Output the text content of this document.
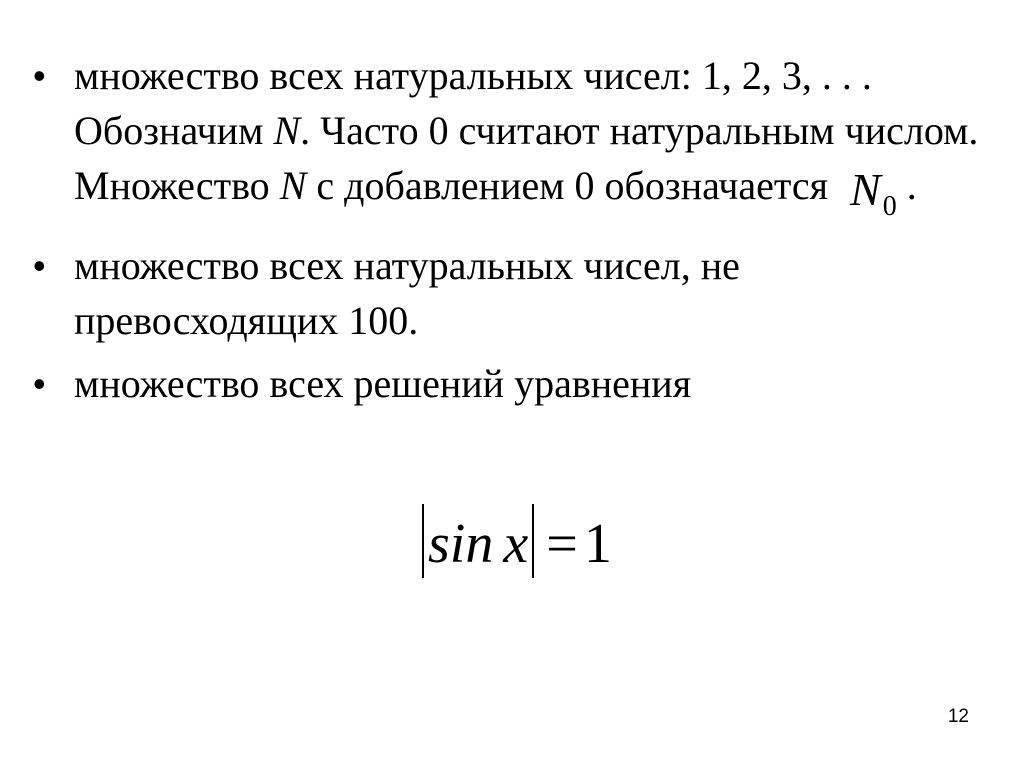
• множество всех натуральных чисел: 1, 2, 3, . . . Обозначим N. Часто 0 считают натуральным числом. Множество N с добавлением 0 обозначается $N_0$ .
• множество всех натуральных чисел, не превосходящих 100.
• множество всех решений уравнения
sin x = 1
12
